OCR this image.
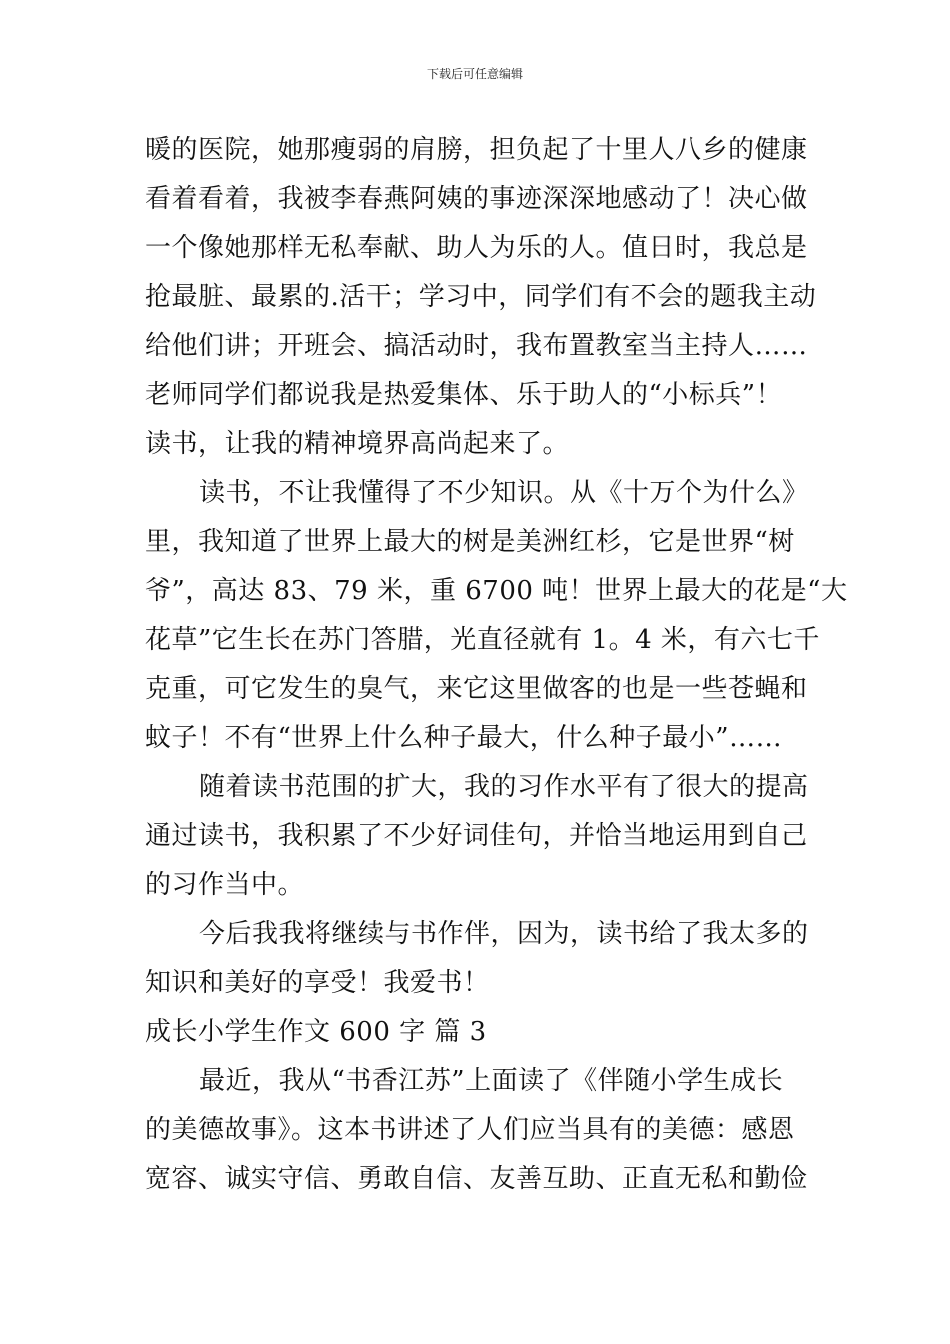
下载后可任意编辑
暖的医院，她那瘦弱的肩膀，担负起了十里人八乡的健康
看着看着，我被李春燕阿姨的事迹深深地感动了！决心做
一个像她那样无私奉献、助人为乐的人。值日时，我总是
抢最脏、最累的.活干；学习中，同学们有不会的题我主动
给他们讲；开班会、搞活动时，我布置教室当主持人……
老师同学们都说我是热爱集体、乐于助人的“小标兵”！
读书，让我的精神境界高尚起来了。
读书，不让我懂得了不少知识。从《十万个为什么》
里，我知道了世界上最大的树是美洲红杉，它是世界“树
爷”，高达 83、79 米，重 6700 吨！世界上最大的花是“大
花草”它生长在苏门答腊，光直径就有 1。4 米，有六七千
克重，可它发生的臭气，来它这里做客的也是一些苍蝇和
蚊子！不有“世界上什么种子最大，什么种子最小”……
随着读书范围的扩大，我的习作水平有了很大的提高
通过读书，我积累了不少好词佳句，并恰当地运用到自己
的习作当中。
今后我我将继续与书作伴，因为，读书给了我太多的
知识和美好的享受！我爱书！
成长小学生作文 600 字 篇 3
最近，我从“书香江苏”上面读了《伴随小学生成长
的美德故事》。这本书讲述了人们应当具有的美德：感恩
宽容、诚实守信、勇敢自信、友善互助、正直无私和勤俭
